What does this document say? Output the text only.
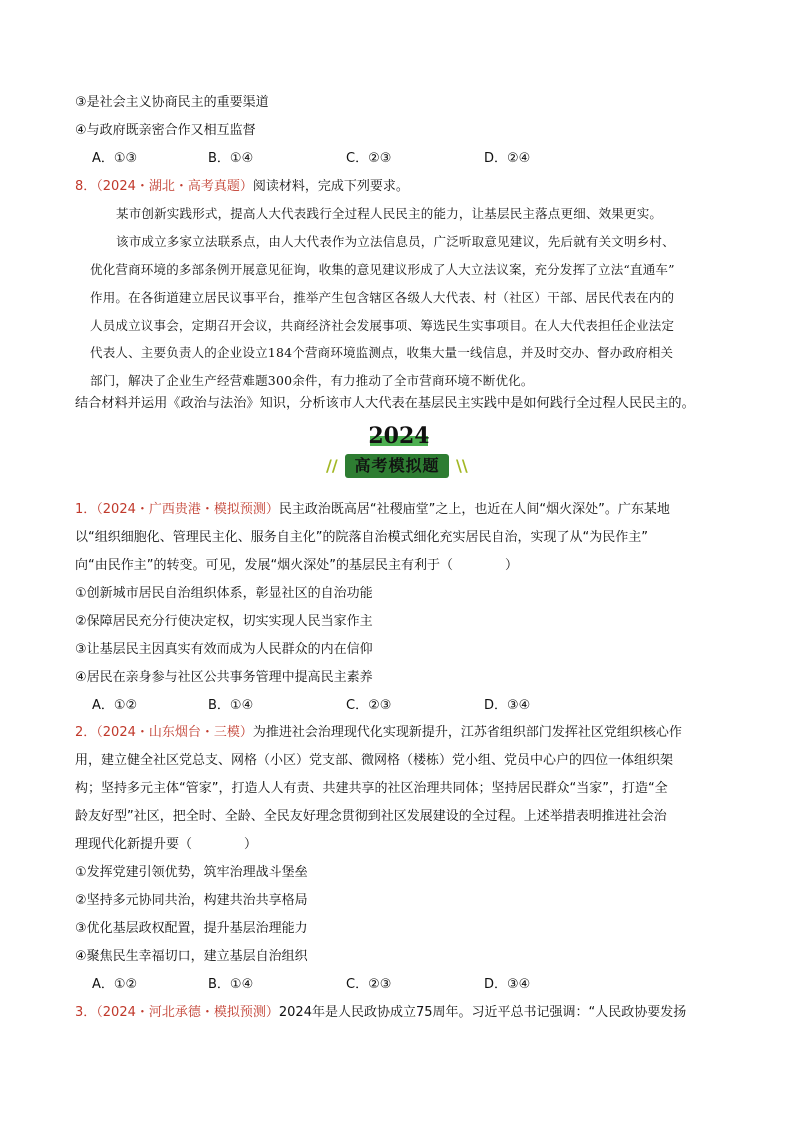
③是社会主义协商民主的重要渠道
④与政府既亲密合作又相互监督
A．①③	B．①④	C．②③	D．②④
8．（2024・湖北・高考真题）阅读材料，完成下列要求。
某市创新实践形式，提高人大代表践行全过程人民民主的能力，让基层民主落点更细、效果更实。
该市成立多家立法联系点，由人大代表作为立法信息员，广泛听取意见建议，先后就有关文明乡村、
优化营商环境的多部条例开展意见征询，收集的意见建议形成了人大立法议案，充分发挥了立法“直通车”
作用。在各街道建立居民议事平台，推举产生包含辖区各级人大代表、村（社区）干部、居民代表在内的
人员成立议事会，定期召开会议，共商经济社会发展事项、筹选民生实事项目。在人大代表担任企业法定
代表人、主要负责人的企业设立184个营商环境监测点，收集大量一线信息，并及时交办、督办政府相关
部门，解决了企业生产经营难题300余件，有力推动了全市营商环境不断优化。
结合材料并运用《政治与法治》知识，分析该市人大代表在基层民主实践中是如何践行全过程人民民主的。
2024
//	高考模拟题	\\
1．（2024・广西贵港・模拟预测）民主政治既高居“社稷庙堂”之上，也近在人间“烟火深处”。广东某地
以“组织细胞化、管理民主化、服务自主化”的院落自治模式细化充实居民自治，实现了从“为民作主”
向“由民作主”的转变。可见，发展“烟火深处”的基层民主有利于（　　　　）
①创新城市居民自治组织体系，彰显社区的自治功能
②保障居民充分行使决定权，切实实现人民当家作主
③让基层民主因真实有效而成为人民群众的内在信仰
④居民在亲身参与社区公共事务管理中提高民主素养
A．①②	B．①④	C．②③	D．③④
2．（2024・山东烟台・三模）为推进社会治理现代化实现新提升，江苏省组织部门发挥社区党组织核心作
用，建立健全社区党总支、网格（小区）党支部、微网格（楼栋）党小组、党员中心户的四位一体组织架
构；坚持多元主体“管家”，打造人人有责、共建共享的社区治理共同体；坚持居民群众“当家”，打造“全
龄友好型”社区，把全时、全龄、全民友好理念贯彻到社区发展建设的全过程。上述举措表明推进社会治
理现代化新提升要（　　　　）
①发挥党建引领优势，筑牢治理战斗堡垒
②坚持多元协同共治，构建共治共享格局
③优化基层政权配置，提升基层治理能力
④聚焦民生幸福切口，建立基层自治组织
A．①②	B．①④	C．②③	D．③④
3．（2024・河北承德・模拟预测）2024年是人民政协成立75周年。习近平总书记强调：“人民政协要发扬
